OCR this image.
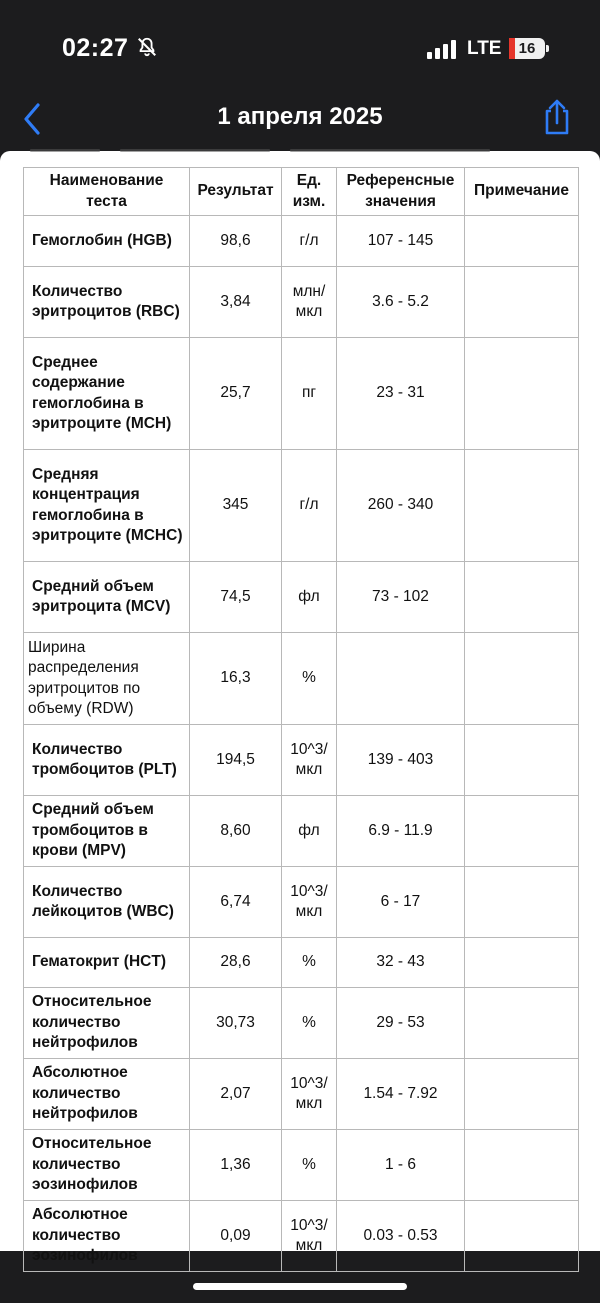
02:27	LTE	16
1 апреля 2025
Наименование теста	Результат	Ед. изм.	Референсные значения	Примечание
Гемоглобин (HGB)	98,6	г/л	107 - 145	
Количество эритроцитов (RBC)	3,84	млн/ мкл	3.6 - 5.2	
Среднее содержание гемоглобина в эритроците (MCH)	25,7	пг	23 - 31	
Средняя концентрация гемоглобина в эритроците (MCHC)	345	г/л	260 - 340	
Средний объем эритроцита (MCV)	74,5	фл	73 - 102	
Ширина распределения эритроцитов по объему (RDW)	16,3	%		
Количество тромбоцитов (PLT)	194,5	10^3/ мкл	139 - 403	
Средний объем тромбоцитов в крови (MPV)	8,60	фл	6.9 - 11.9	
Количество лейкоцитов (WBC)	6,74	10^3/ мкл	6 - 17	
Гематокрит (HCT)	28,6	%	32 - 43	
Относительное количество нейтрофилов	30,73	%	29 - 53	
Абсолютное количество нейтрофилов	2,07	10^3/ мкл	1.54 - 7.92	
Относительное количество эозинофилов	1,36	%	1 - 6	
Абсолютное количество эозинофилов	0,09	10^3/ мкл	0.03 - 0.53	
